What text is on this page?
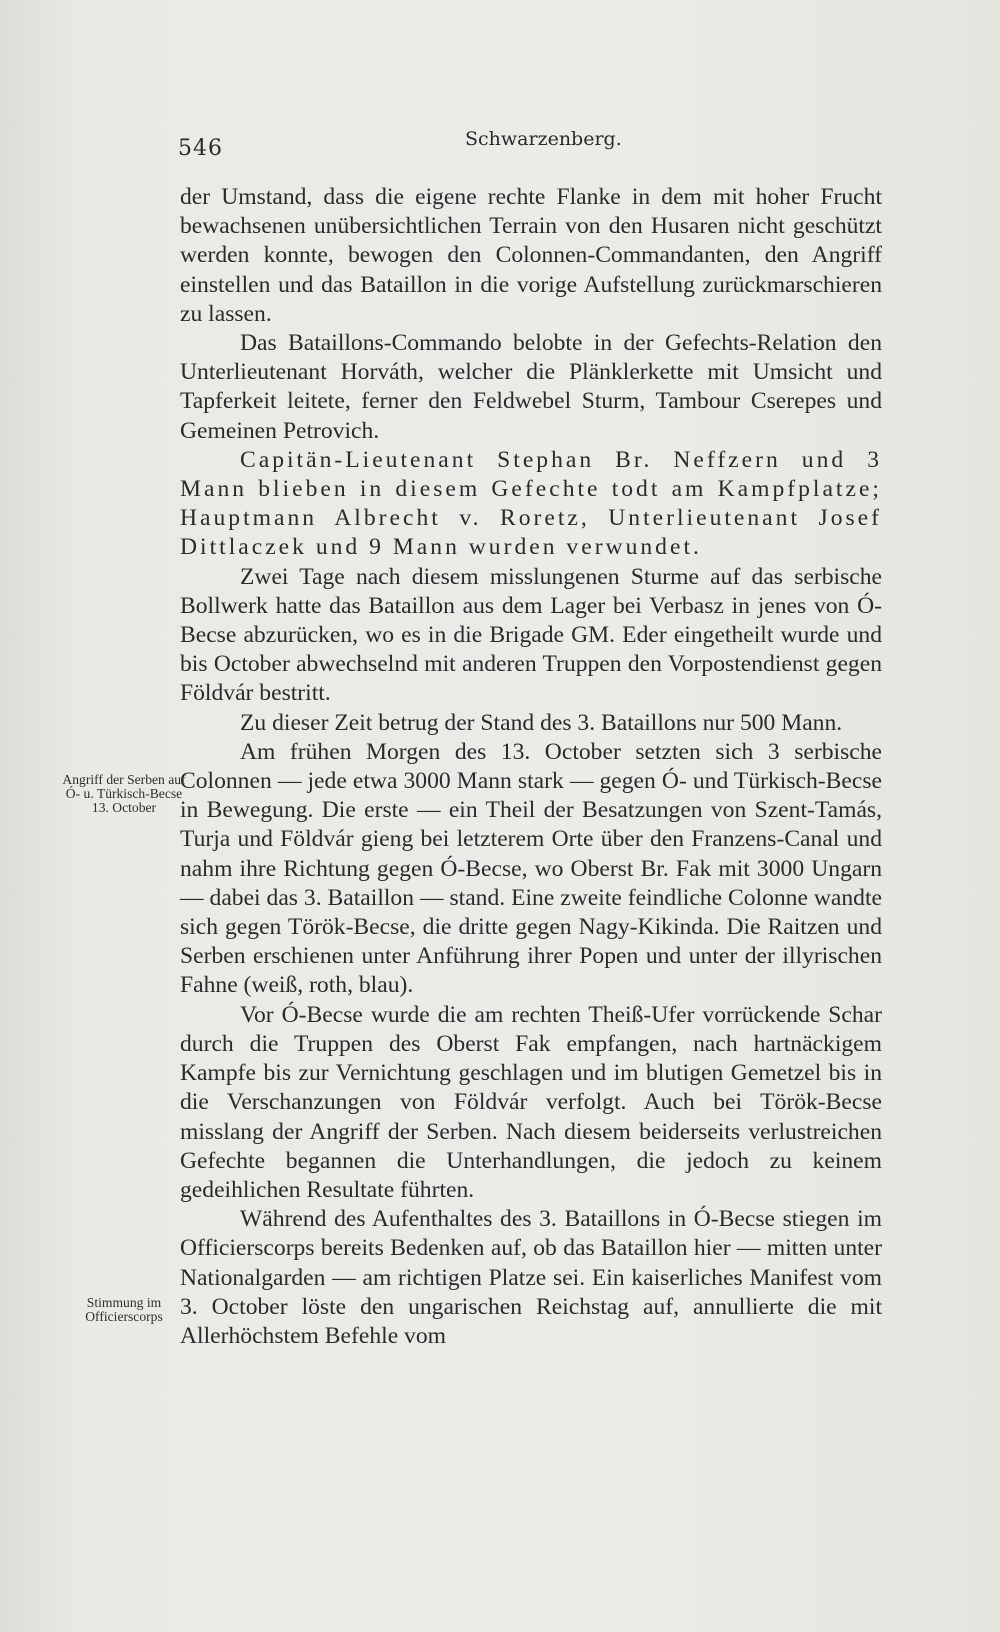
546	Schwarzenberg.

der Umstand, dass die eigene rechte Flanke in dem mit hoher Frucht bewachsenen unübersichtlichen Terrain von den Husaren nicht geschützt werden konnte, bewogen den Colonnen-Commandanten, den Angriff einstellen und das Bataillon in die vorige Aufstellung zurückmarschieren zu lassen.

Das Bataillons-Commando belobte in der Gefechts-Relation den Unterlieutenant Horváth, welcher die Plänklerkette mit Umsicht und Tapferkeit leitete, ferner den Feldwebel Sturm, Tambour Cserepes und Gemeinen Petrovich.

Capitän-Lieutenant Stephan Br. Neffzern und 3 Mann blieben in diesem Gefechte todt am Kampfplatze; Hauptmann Albrecht v. Roretz, Unterlieutenant Josef Dittlaczek und 9 Mann wurden verwundet.

Zwei Tage nach diesem misslungenen Sturme auf das serbische Bollwerk hatte das Bataillon aus dem Lager bei Verbasz in jenes von Ó-Becse abzurücken, wo es in die Brigade GM. Eder eingetheilt wurde und bis October abwechselnd mit anderen Truppen den Vorpostendienst gegen Földvár bestritt.

Zu dieser Zeit betrug der Stand des 3. Bataillons nur 500 Mann.

Am frühen Morgen des 13. October setzten sich 3 serbische Colonnen — jede etwa 3000 Mann stark — gegen Ó- und Türkisch-Becse in Bewegung. Die erste — ein Theil der Besatzungen von Szent-Tamás, Turja und Földvár gieng bei letzterem Orte über den Franzens-Canal und nahm ihre Richtung gegen Ó-Becse, wo Oberst Br. Fak mit 3000 Ungarn — dabei das 3. Bataillon — stand. Eine zweite feindliche Colonne wandte sich gegen Török-Becse, die dritte gegen Nagy-Kikinda. Die Raitzen und Serben erschienen unter Anführung ihrer Popen und unter der illyrischen Fahne (weiß, roth, blau).

Vor Ó-Becse wurde die am rechten Theiß-Ufer vorrückende Schar durch die Truppen des Oberst Fak empfangen, nach hartnäckigem Kampfe bis zur Vernichtung geschlagen und im blutigen Gemetzel bis in die Verschanzungen von Földvár verfolgt. Auch bei Török-Becse misslang der Angriff der Serben. Nach diesem beiderseits verlustreichen Gefechte begannen die Unterhandlungen, die jedoch zu keinem gedeihlichen Resultate führten.

Während des Aufenthaltes des 3. Bataillons in Ó-Becse stiegen im Officierscorps bereits Bedenken auf, ob das Bataillon hier — mitten unter Nationalgarden — am richtigen Platze sei. Ein kaiserliches Manifest vom 3. October löste den ungarischen Reichstag auf, annullierte die mit Allerhöchstem Befehle vom

Angriff der Serben auf Ó- u. Türkisch-Becse 13. October
Stimmung im Officierscorps
